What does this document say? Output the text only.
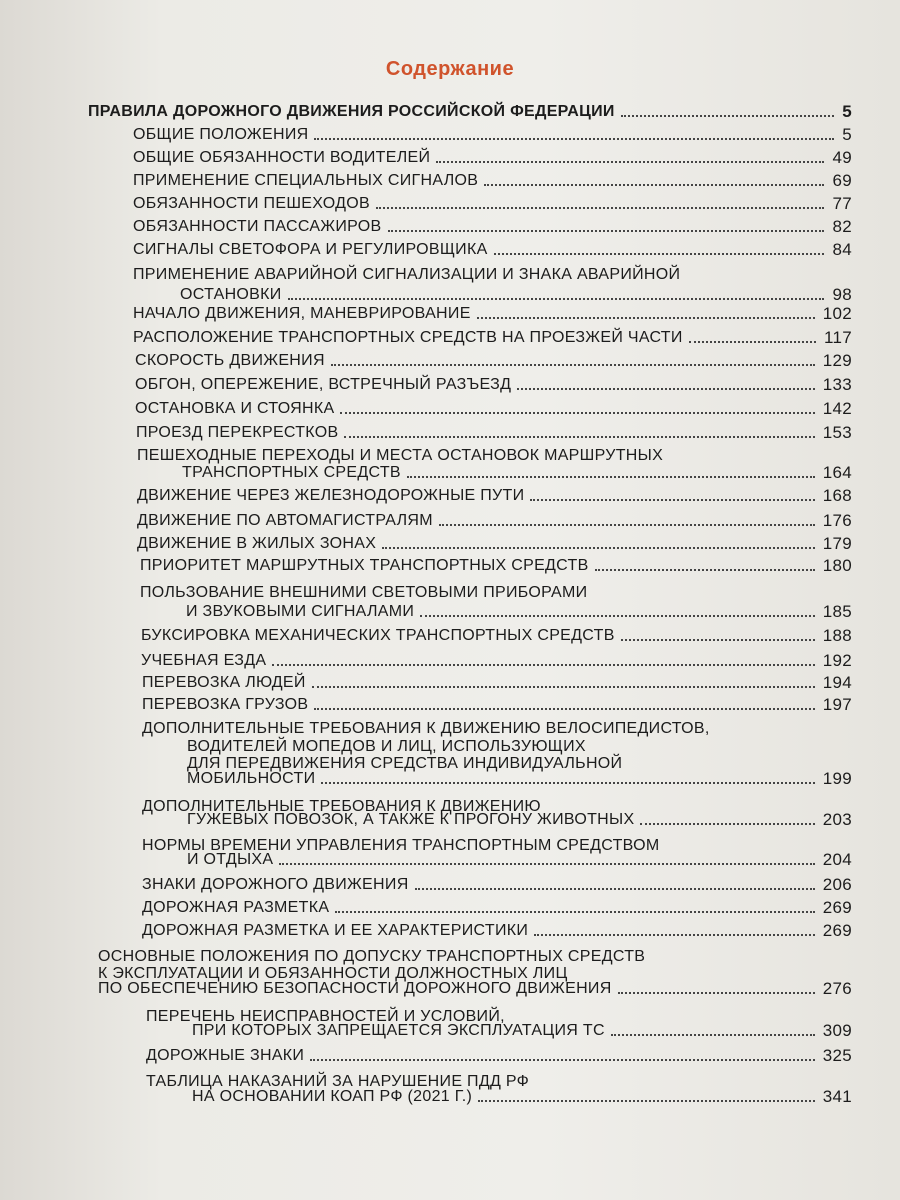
Содержание
ПРАВИЛА ДОРОЖНОГО ДВИЖЕНИЯ РОССИЙСКОЙ ФЕДЕРАЦИИ	5
ОБЩИЕ ПОЛОЖЕНИЯ	5
ОБЩИЕ ОБЯЗАННОСТИ ВОДИТЕЛЕЙ	49
ПРИМЕНЕНИЕ СПЕЦИАЛЬНЫХ СИГНАЛОВ	69
ОБЯЗАННОСТИ ПЕШЕХОДОВ	77
ОБЯЗАННОСТИ ПАССАЖИРОВ	82
СИГНАЛЫ СВЕТОФОРА И РЕГУЛИРОВЩИКА	84
ПРИМЕНЕНИЕ АВАРИЙНОЙ СИГНАЛИЗАЦИИ И ЗНАКА АВАРИЙНОЙ
ОСТАНОВКИ	98
НАЧАЛО ДВИЖЕНИЯ, МАНЕВРИРОВАНИЕ	102
РАСПОЛОЖЕНИЕ ТРАНСПОРТНЫХ СРЕДСТВ НА ПРОЕЗЖЕЙ ЧАСТИ	117
СКОРОСТЬ ДВИЖЕНИЯ	129
ОБГОН, ОПЕРЕЖЕНИЕ, ВСТРЕЧНЫЙ РАЗЪЕЗД	133
ОСТАНОВКА И СТОЯНКА	142
ПРОЕЗД ПЕРЕКРЕСТКОВ	153
ПЕШЕХОДНЫЕ ПЕРЕХОДЫ И МЕСТА ОСТАНОВОК МАРШРУТНЫХ
ТРАНСПОРТНЫХ СРЕДСТВ	164
ДВИЖЕНИЕ ЧЕРЕЗ ЖЕЛЕЗНОДОРОЖНЫЕ ПУТИ	168
ДВИЖЕНИЕ ПО АВТОМАГИСТРАЛЯМ	176
ДВИЖЕНИЕ В ЖИЛЫХ ЗОНАХ	179
ПРИОРИТЕТ МАРШРУТНЫХ ТРАНСПОРТНЫХ СРЕДСТВ	180
ПОЛЬЗОВАНИЕ ВНЕШНИМИ СВЕТОВЫМИ ПРИБОРАМИ
И ЗВУКОВЫМИ СИГНАЛАМИ	185
БУКСИРОВКА МЕХАНИЧЕСКИХ ТРАНСПОРТНЫХ СРЕДСТВ	188
УЧЕБНАЯ ЕЗДА	192
ПЕРЕВОЗКА ЛЮДЕЙ	194
ПЕРЕВОЗКА ГРУЗОВ	197
ДОПОЛНИТЕЛЬНЫЕ ТРЕБОВАНИЯ К ДВИЖЕНИЮ ВЕЛОСИПЕДИСТОВ,
ВОДИТЕЛЕЙ МОПЕДОВ И ЛИЦ, ИСПОЛЬЗУЮЩИХ
ДЛЯ ПЕРЕДВИЖЕНИЯ СРЕДСТВА ИНДИВИДУАЛЬНОЙ
МОБИЛЬНОСТИ	199
ДОПОЛНИТЕЛЬНЫЕ ТРЕБОВАНИЯ К ДВИЖЕНИЮ
ГУЖЕВЫХ ПОВОЗОК, А ТАКЖЕ К ПРОГОНУ ЖИВОТНЫХ	203
НОРМЫ ВРЕМЕНИ УПРАВЛЕНИЯ ТРАНСПОРТНЫМ СРЕДСТВОМ
И ОТДЫХА	204
ЗНАКИ ДОРОЖНОГО ДВИЖЕНИЯ	206
ДОРОЖНАЯ РАЗМЕТКА	269
ДОРОЖНАЯ РАЗМЕТКА И ЕЕ ХАРАКТЕРИСТИКИ	269
ОСНОВНЫЕ ПОЛОЖЕНИЯ ПО ДОПУСКУ ТРАНСПОРТНЫХ СРЕДСТВ
К ЭКСПЛУАТАЦИИ И ОБЯЗАННОСТИ ДОЛЖНОСТНЫХ ЛИЦ
ПО ОБЕСПЕЧЕНИЮ БЕЗОПАСНОСТИ ДОРОЖНОГО ДВИЖЕНИЯ	276
ПЕРЕЧЕНЬ НЕИСПРАВНОСТЕЙ И УСЛОВИЙ,
ПРИ КОТОРЫХ ЗАПРЕЩАЕТСЯ ЭКСПЛУАТАЦИЯ ТС	309
ДОРОЖНЫЕ ЗНАКИ	325
ТАБЛИЦА НАКАЗАНИЙ ЗА НАРУШЕНИЕ ПДД РФ
НА ОСНОВАНИИ КОАП РФ (2021 Г.)	341
